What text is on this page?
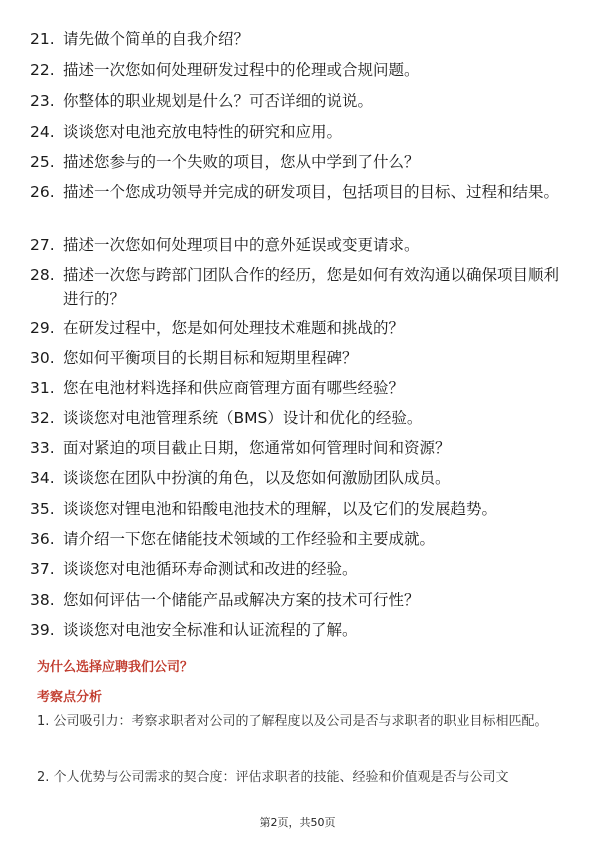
21. 请先做个简单的自我介绍？
22. 描述一次您如何处理研发过程中的伦理或合规问题。
23. 你整体的职业规划是什么？可否详细的说说。
24. 谈谈您对电池充放电特性的研究和应用。
25. 描述您参与的一个失败的项目，您从中学到了什么？
26. 描述一个您成功领导并完成的研发项目，包括项目的目标、过程和结果。
27. 描述一次您如何处理项目中的意外延误或变更请求。
28. 描述一次您与跨部门团队合作的经历，您是如何有效沟通以确保项目顺利进行的？
29. 在研发过程中，您是如何处理技术难题和挑战的？
30. 您如何平衡项目的长期目标和短期里程碑？
31. 您在电池材料选择和供应商管理方面有哪些经验？
32. 谈谈您对电池管理系统（BMS）设计和优化的经验。
33. 面对紧迫的项目截止日期，您通常如何管理时间和资源？
34. 谈谈您在团队中扮演的角色，以及您如何激励团队成员。
35. 谈谈您对锂电池和铅酸电池技术的理解，以及它们的发展趋势。
36. 请介绍一下您在储能技术领域的工作经验和主要成就。
37. 谈谈您对电池循环寿命测试和改进的经验。
38. 您如何评估一个储能产品或解决方案的技术可行性？
39. 谈谈您对电池安全标准和认证流程的了解。
为什么选择应聘我们公司？
考察点分析
1. 公司吸引力：考察求职者对公司的了解程度以及公司是否与求职者的职业目标相匹配。
2. 个人优势与公司需求的契合度：评估求职者的技能、经验和价值观是否与公司文
第2页，共50页
